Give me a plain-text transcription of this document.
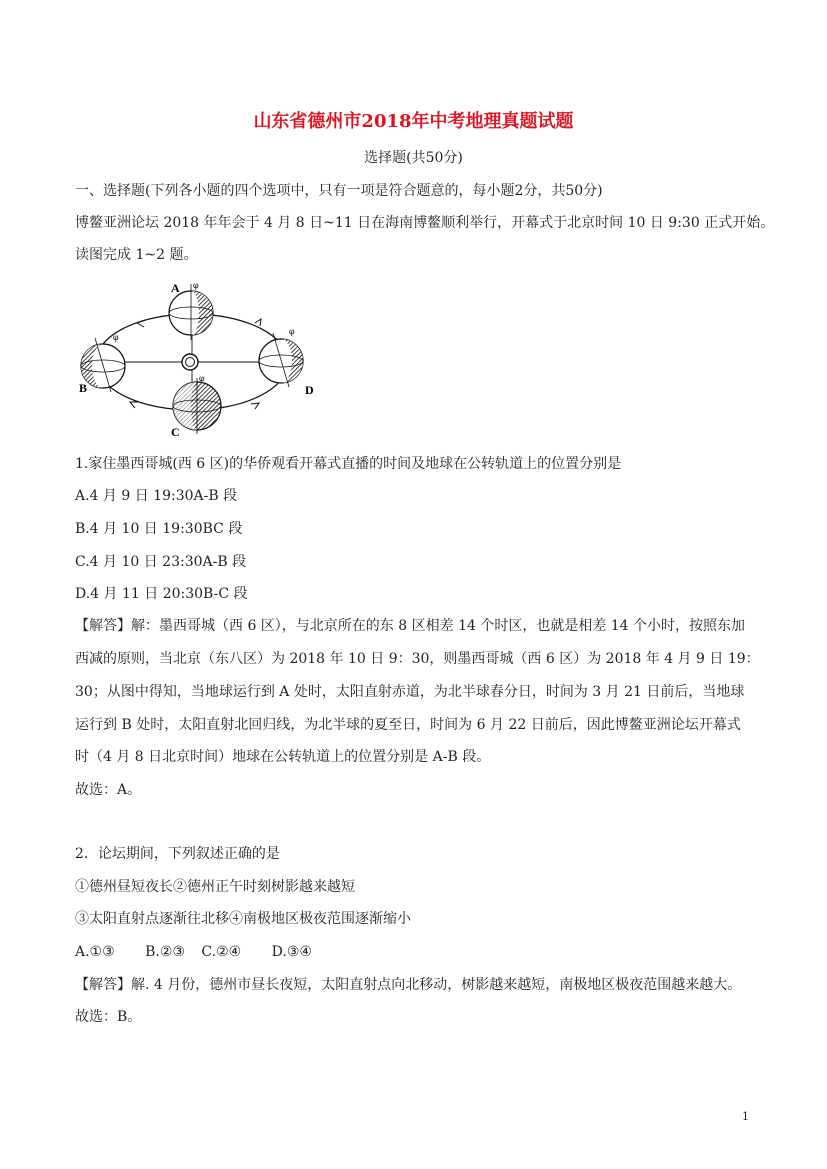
山东省德州市2018年中考地理真题试题
选择题(共50分)
一、选择题(下列各小题的四个选项中，只有一项是符合题意的，每小题2分，共50分)
博鳌亚洲论坛 2018 年年会于 4 月 8 日~11 日在海南博鳌顺利举行，开幕式于北京时间 10 日 9:30 正式开始。
读图完成 1~2 题。
A
B
C
D
φ
φ
φ
φ
1.家住墨西哥城(西 6 区)的华侨观看开幕式直播的时间及地球在公转轨道上的位置分别是
A.4 月 9 日 19:30A-B 段
B.4 月 10 日 19:30BC 段
C.4 月 10 日 23:30A-B 段
D.4 月 11 日 20:30B-C 段
【解答】解：墨西哥城（西 6 区），与北京所在的东 8 区相差 14 个时区，也就是相差 14 个小时，按照东加
西减的原则，当北京（东八区）为 2018 年 10 日 9：30，则墨西哥城（西 6 区）为 2018 年 4 月 9 日 19：
30；从图中得知，当地球运行到 A 处时，太阳直射赤道，为北半球春分日，时间为 3 月 21 日前后，当地球
运行到 B 处时，太阳直射北回归线，为北半球的夏至日，时间为 6 月 22 日前后，因此博鳌亚洲论坛开幕式
时（4 月 8 日北京时间）地球在公转轨道上的位置分别是 A-B 段。
故选：A。
2．论坛期间，下列叙述正确的是
①德州昼短夜长②德州正午时刻树影越来越短
③太阳直射点逐渐往北移④南极地区极夜范围逐渐缩小
A.①③ B.②③ C.②④ D.③④
【解答】解. 4 月份，德州市昼长夜短，太阳直射点向北移动，树影越来越短，南极地区极夜范围越来越大。
故选：B。
1
